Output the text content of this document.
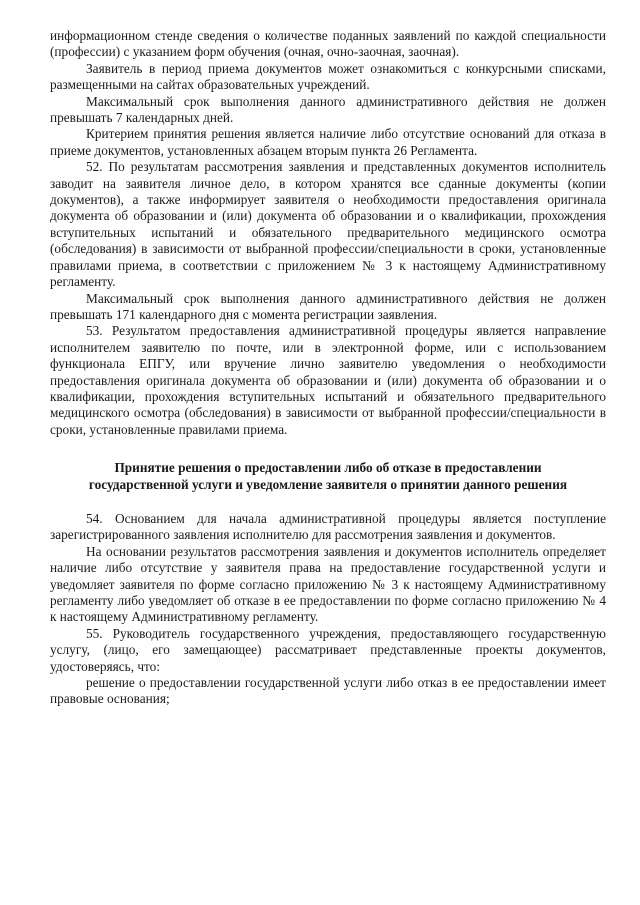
информационном стенде сведения о количестве поданных заявлений по каждой специальности (профессии) с указанием форм обучения (очная, очно-заочная, заочная).

Заявитель в период приема документов может ознакомиться с конкурсными списками, размещенными на сайтах образовательных учреждений.

Максимальный срок выполнения данного административного действия не должен превышать 7 календарных дней.

Критерием принятия решения является наличие либо отсутствие оснований для отказа в приеме документов, установленных абзацем вторым пункта 26 Регламента.

52. По результатам рассмотрения заявления и представленных документов исполнитель заводит на заявителя личное дело, в котором хранятся все сданные документы (копии документов), а также информирует заявителя о необходимости предоставления оригинала документа об образовании и (или) документа об образовании и о квалификации, прохождения вступительных испытаний и обязательного предварительного медицинского осмотра (обследования) в зависимости от выбранной профессии/специальности в сроки, установленные правилами приема, в соответствии с приложением № 3 к настоящему Административному регламенту.

Максимальный срок выполнения данного административного действия не должен превышать 171 календарного дня с момента регистрации заявления.

53. Результатом предоставления административной процедуры является направление исполнителем заявителю по почте, или в электронной форме, или с использованием функционала ЕПГУ, или вручение лично заявителю уведомления о необходимости предоставления оригинала документа об образовании и (или) документа об образовании и о квалификации, прохождения вступительных испытаний и обязательного предварительного медицинского осмотра (обследования) в зависимости от выбранной профессии/специальности в сроки, установленные правилами приема.

Принятие решения о предоставлении либо об отказе в предоставлении
государственной услуги и уведомление заявителя о принятии данного решения

54. Основанием для начала административной процедуры является поступление зарегистрированного заявления исполнителю для рассмотрения заявления и документов.

На основании результатов рассмотрения заявления и документов исполнитель определяет наличие либо отсутствие у заявителя права на предоставление государственной услуги и уведомляет заявителя по форме согласно приложению № 3 к настоящему Административному регламенту либо уведомляет об отказе в ее предоставлении по форме согласно приложению № 4 к настоящему Административному регламенту.

55. Руководитель государственного учреждения, предоставляющего государственную услугу, (лицо, его замещающее) рассматривает представленные проекты документов, удостоверяясь, что:

решение о предоставлении государственной услуги либо отказ в ее предоставлении имеет правовые основания;
